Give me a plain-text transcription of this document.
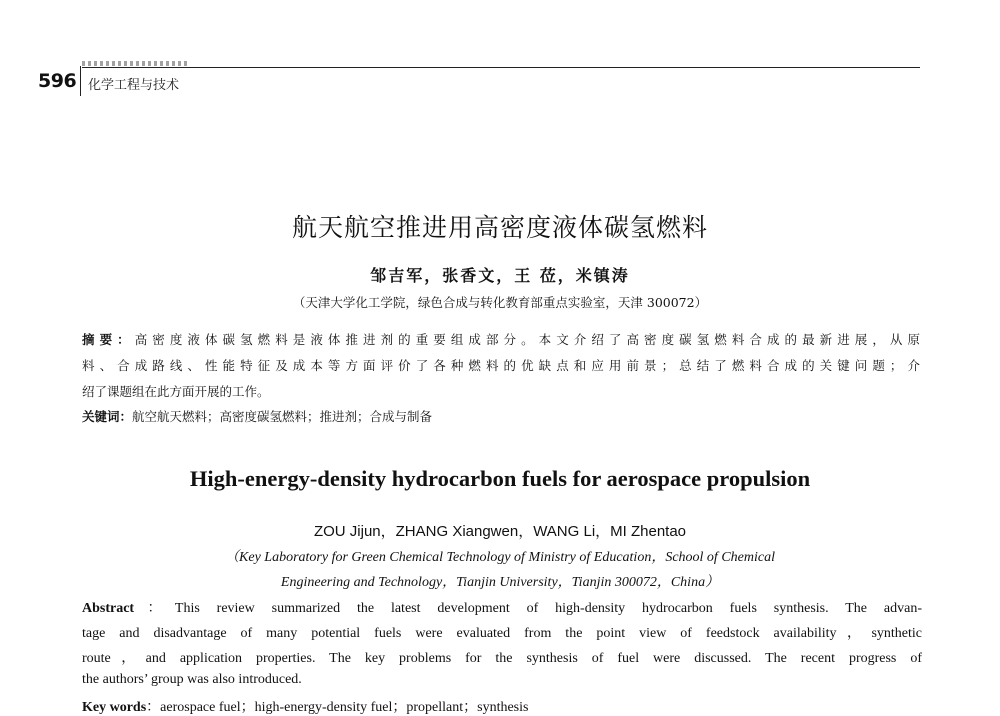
596 化学工程与技术
航天航空推进用高密度液体碳氢燃料
邹吉军，张香文，王 莅，米镇涛
（天津大学化工学院，绿色合成与转化教育部重点实验室，天津 300072）
摘要：高密度液体碳氢燃料是液体推进剂的重要组成部分。本文介绍了高密度碳氢燃料合成的最新进展，从原
料、合成路线、性能特征及成本等方面评价了各种燃料的优缺点和应用前景；总结了燃料合成的关键问题；介
绍了课题组在此方面开展的工作。
关键词：航空航天燃料；高密度碳氢燃料；推进剂；合成与制备
High-energy-density hydrocarbon fuels for aerospace propulsion
ZOU Jijun，ZHANG Xiangwen，WANG Li，MI Zhentao
（Key Laboratory for Green Chemical Technology of Ministry of Education，School of Chemical
Engineering and Technology，Tianjin University，Tianjin 300072，China）
Abstract：This review summarized the latest development of high-density hydrocarbon fuels synthesis. The advan-
tage and disadvantage of many potential fuels were evaluated from the point view of feedstock availability，synthetic
route，and application properties. The key problems for the synthesis of fuel were discussed. The recent progress of
the authors’ group was also introduced.
Key words：aerospace fuel；high-energy-density fuel；propellant；synthesis
